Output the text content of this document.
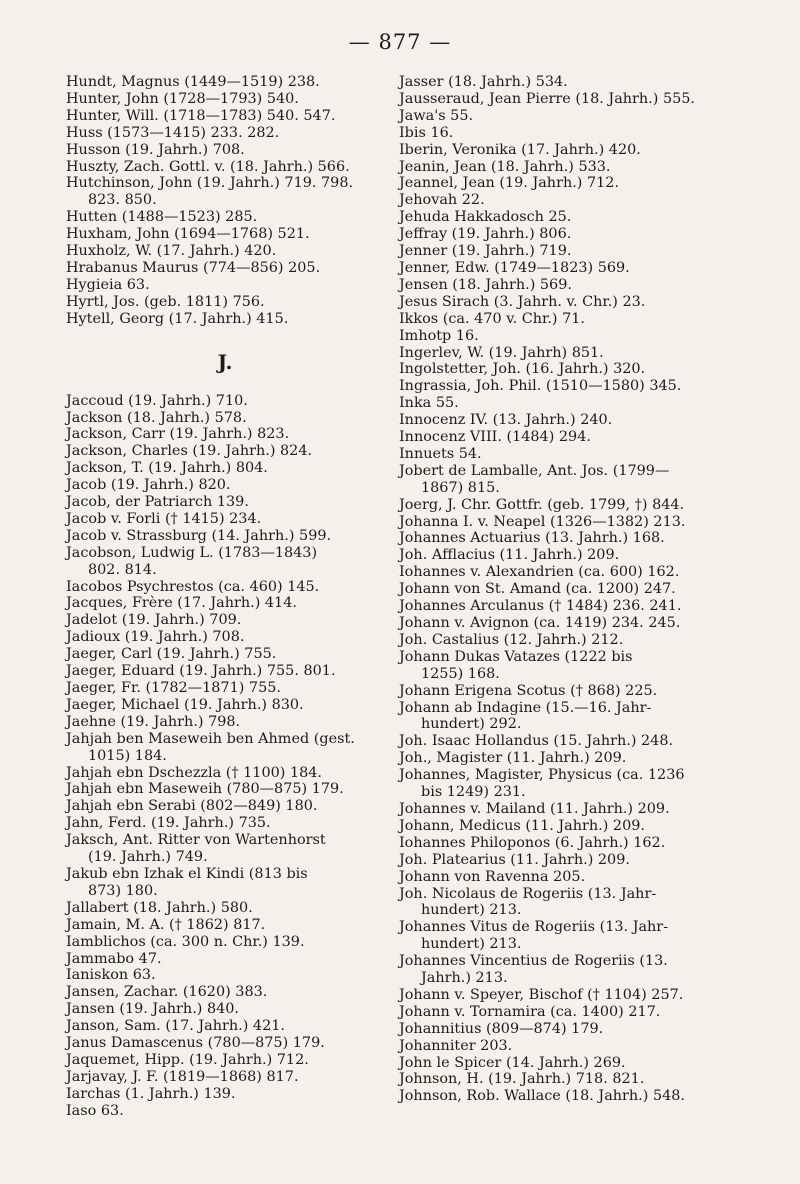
— 877 —
Hundt, Magnus (1449—1519) 238.
Hunter, John (1728—1793) 540.
Hunter, Will. (1718—1783) 540. 547.
Huss (1573—1415) 233. 282.
Husson (19. Jahrh.) 708.
Huszty, Zach. Gottl. v. (18. Jahrh.) 566.
Hutchinson, John (19. Jahrh.) 719. 798.
823. 850.
Hutten (1488—1523) 285.
Huxham, John (1694—1768) 521.
Huxholz, W. (17. Jahrh.) 420.
Hrabanus Maurus (774—856) 205.
Hygieia 63.
Hyrtl, Jos. (geb. 1811) 756.
Hytell, Georg (17. Jahrh.) 415.
J.
Jaccoud (19. Jahrh.) 710.
Jackson (18. Jahrh.) 578.
Jackson, Carr (19. Jahrh.) 823.
Jackson, Charles (19. Jahrh.) 824.
Jackson, T. (19. Jahrh.) 804.
Jacob (19. Jahrh.) 820.
Jacob, der Patriarch 139.
Jacob v. Forli († 1415) 234.
Jacob v. Strassburg (14. Jahrh.) 599.
Jacobson, Ludwig L. (1783—1843)
802. 814.
Iacobos Psychrestos (ca. 460) 145.
Jacques, Frère (17. Jahrh.) 414.
Jadelot (19. Jahrh.) 709.
Jadioux (19. Jahrh.) 708.
Jaeger, Carl (19. Jahrh.) 755.
Jaeger, Eduard (19. Jahrh.) 755. 801.
Jaeger, Fr. (1782—1871) 755.
Jaeger, Michael (19. Jahrh.) 830.
Jaehne (19. Jahrh.) 798.
Jahjah ben Maseweih ben Ahmed (gest.
1015) 184.
Jahjah ebn Dschezzla († 1100) 184.
Jahjah ebn Maseweih (780—875) 179.
Jahjah ebn Serabi (802—849) 180.
Jahn, Ferd. (19. Jahrh.) 735.
Jaksch, Ant. Ritter von Wartenhorst
(19. Jahrh.) 749.
Jakub ebn Izhak el Kindi (813 bis
873) 180.
Jallabert (18. Jahrh.) 580.
Jamain, M. A. († 1862) 817.
Iamblichos (ca. 300 n. Chr.) 139.
Jammabo 47.
Ianiskon 63.
Jansen, Zachar. (1620) 383.
Jansen (19. Jahrh.) 840.
Janson, Sam. (17. Jahrh.) 421.
Janus Damascenus (780—875) 179.
Jaquemet, Hipp. (19. Jahrh.) 712.
Jarjavay, J. F. (1819—1868) 817.
Iarchas (1. Jahrh.) 139.
Iaso 63.
Jasser (18. Jahrh.) 534.
Jausseraud, Jean Pierre (18. Jahrh.) 555.
Jawa's 55.
Ibis 16.
Iberin, Veronika (17. Jahrh.) 420.
Jeanin, Jean (18. Jahrh.) 533.
Jeannel, Jean (19. Jahrh.) 712.
Jehovah 22.
Jehuda Hakkadosch 25.
Jeffray (19. Jahrh.) 806.
Jenner (19. Jahrh.) 719.
Jenner, Edw. (1749—1823) 569.
Jensen (18. Jahrh.) 569.
Jesus Sirach (3. Jahrh. v. Chr.) 23.
Ikkos (ca. 470 v. Chr.) 71.
Imhotp 16.
Ingerlev, W. (19. Jahrh) 851.
Ingolstetter, Joh. (16. Jahrh.) 320.
Ingrassia, Joh. Phil. (1510—1580) 345.
Inka 55.
Innocenz IV. (13. Jahrh.) 240.
Innocenz VIII. (1484) 294.
Innuets 54.
Jobert de Lamballe, Ant. Jos. (1799—
1867) 815.
Joerg, J. Chr. Gottfr. (geb. 1799, †) 844.
Johanna I. v. Neapel (1326—1382) 213.
Johannes Actuarius (13. Jahrh.) 168.
Joh. Afflacius (11. Jahrh.) 209.
Iohannes v. Alexandrien (ca. 600) 162.
Johann von St. Amand (ca. 1200) 247.
Johannes Arculanus († 1484) 236. 241.
Johann v. Avignon (ca. 1419) 234. 245.
Joh. Castalius (12. Jahrh.) 212.
Johann Dukas Vatazes (1222 bis
1255) 168.
Johann Erigena Scotus († 868) 225.
Johann ab Indagine (15.—16. Jahr-
hundert) 292.
Joh. Isaac Hollandus (15. Jahrh.) 248.
Joh., Magister (11. Jahrh.) 209.
Johannes, Magister, Physicus (ca. 1236
bis 1249) 231.
Johannes v. Mailand (11. Jahrh.) 209.
Johann, Medicus (11. Jahrh.) 209.
Iohannes Philoponos (6. Jahrh.) 162.
Joh. Platearius (11. Jahrh.) 209.
Johann von Ravenna 205.
Joh. Nicolaus de Rogeriis (13. Jahr-
hundert) 213.
Johannes Vitus de Rogeriis (13. Jahr-
hundert) 213.
Johannes Vincentius de Rogeriis (13.
Jahrh.) 213.
Johann v. Speyer, Bischof († 1104) 257.
Johann v. Tornamira (ca. 1400) 217.
Johannitius (809—874) 179.
Johanniter 203.
John le Spicer (14. Jahrh.) 269.
Johnson, H. (19. Jahrh.) 718. 821.
Johnson, Rob. Wallace (18. Jahrh.) 548.
